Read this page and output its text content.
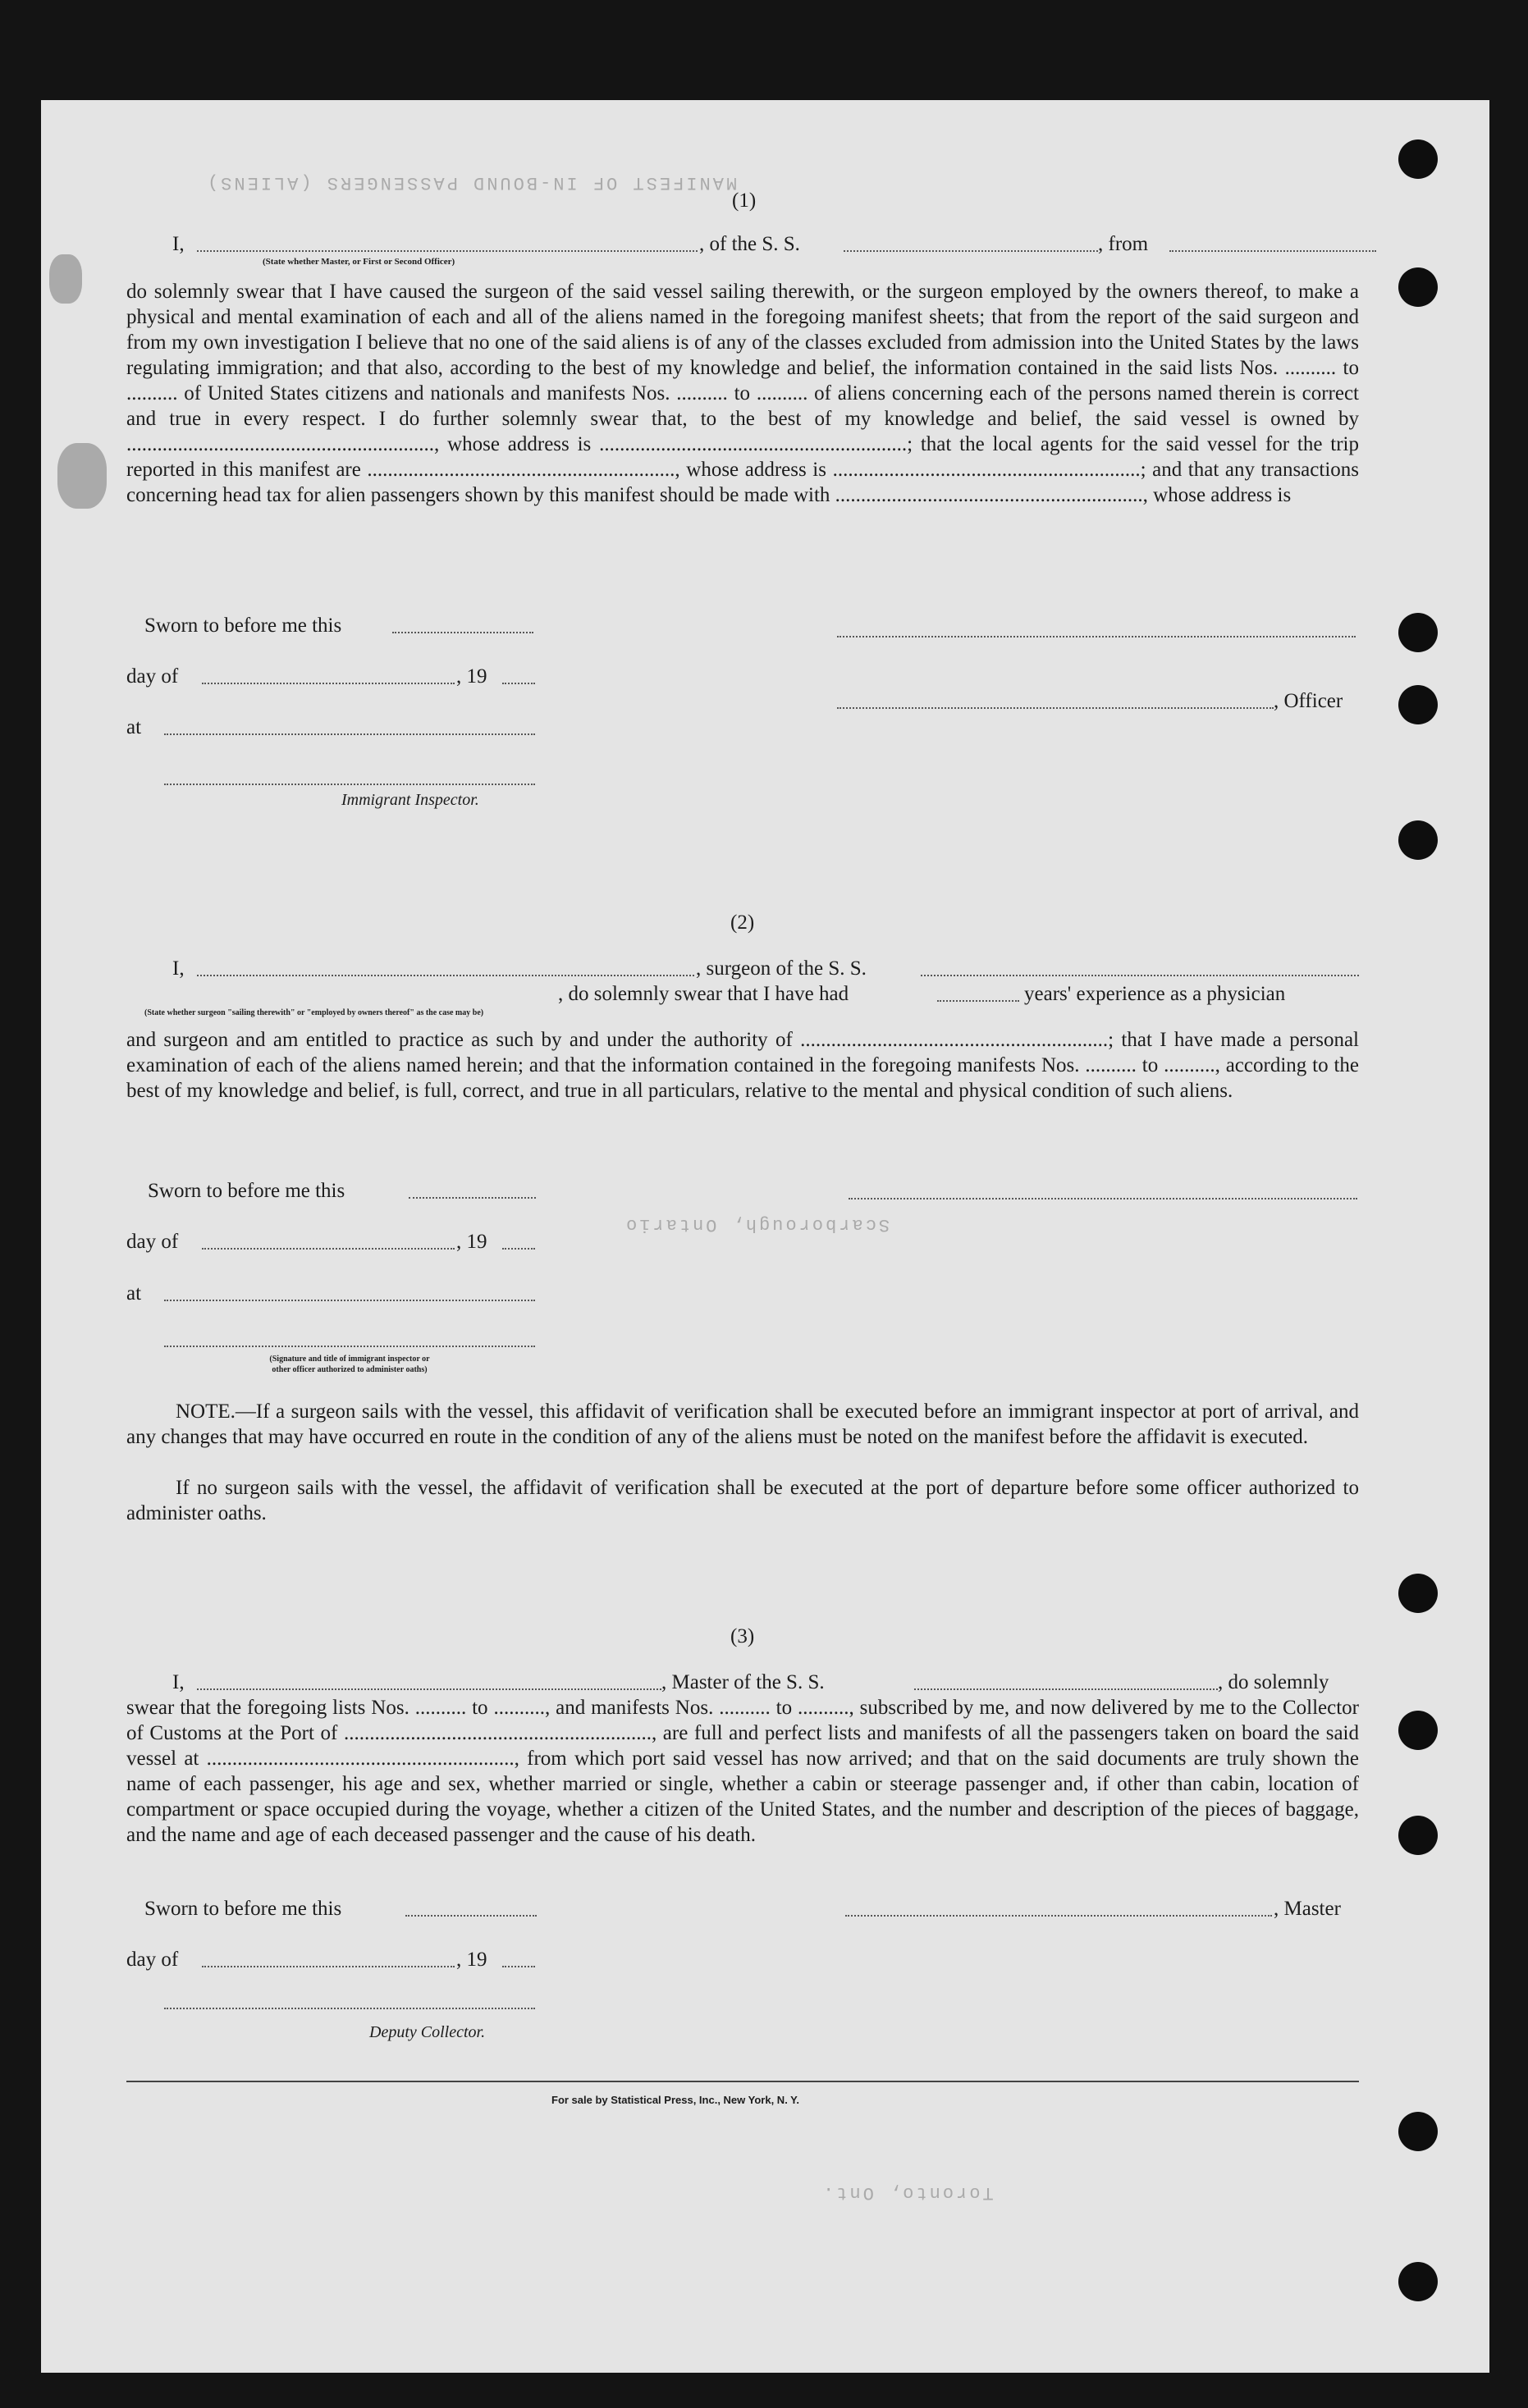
MANIFEST OF IN-BOUND PASSENGERS (ALIENS)
Scarborough, Ontario
Toronto, Ont.
(1)
I,	, of the S. S.	, from
(State whether Master, or First or Second Officer)
do solemnly swear that I have caused the surgeon of the said vessel sailing therewith, or the surgeon employed by the owners thereof, to make a physical and mental examination of each and all of the aliens named in the foregoing manifest sheets; that from the report of the said surgeon and from my own investigation I believe that no one of the said aliens is of any of the classes excluded from admission into the United States by the laws regulating immigration; and that also, according to the best of my knowledge and belief, the information contained in the said lists Nos. .......... to .......... of United States citizens and nationals and manifests Nos. .......... to .......... of aliens concerning each of the persons named therein is correct and true in every respect. I do further solemnly swear that, to the best of my knowledge and belief, the said vessel is owned by ............................................................, whose address is ............................................................; that the local agents for the said vessel for the trip reported in this manifest are ............................................................, whose address is ............................................................; and that any transactions concerning head tax for alien passengers shown by this manifest should be made with ............................................................, whose address is
Sworn to before me this
day of	, 19
at
Immigrant Inspector.
, Officer
(2)
I,	, surgeon of the S. S.
, do solemnly swear that I have had	years' experience as a physician
(State whether surgeon "sailing therewith" or "employed by owners thereof" as the case may be)
and surgeon and am entitled to practice as such by and under the authority of ............................................................; that I have made a personal examination of each of the aliens named herein; and that the information contained in the foregoing manifests Nos. .......... to .........., according to the best of my knowledge and belief, is full, correct, and true in all particulars, relative to the mental and physical condition of such aliens.
Sworn to before me this
day of	, 19
at
(Signature and title of immigrant inspector or
other officer authorized to administer oaths)
NOTE.—If a surgeon sails with the vessel, this affidavit of verification shall be executed before an immigrant inspector at port of arrival, and any changes that may have occurred en route in the condition of any of the aliens must be noted on the manifest before the affidavit is executed.
If no surgeon sails with the vessel, the affidavit of verification shall be executed at the port of departure before some officer authorized to administer oaths.
(3)
I,	, Master of the S. S.	, do solemnly
swear that the foregoing lists Nos. .......... to .........., and manifests Nos. .......... to .........., subscribed by me, and now delivered by me to the Collector of Customs at the Port of ............................................................, are full and perfect lists and manifests of all the passengers taken on board the said vessel at ............................................................, from which port said vessel has now arrived; and that on the said documents are truly shown the name of each passenger, his age and sex, whether married or single, whether a cabin or steerage passenger and, if other than cabin, location of compartment or space occupied during the voyage, whether a citizen of the United States, and the number and description of the pieces of baggage, and the name and age of each deceased passenger and the cause of his death.
Sworn to before me this
day of	, 19
Deputy Collector.
, Master
For sale by Statistical Press, Inc., New York, N. Y.
